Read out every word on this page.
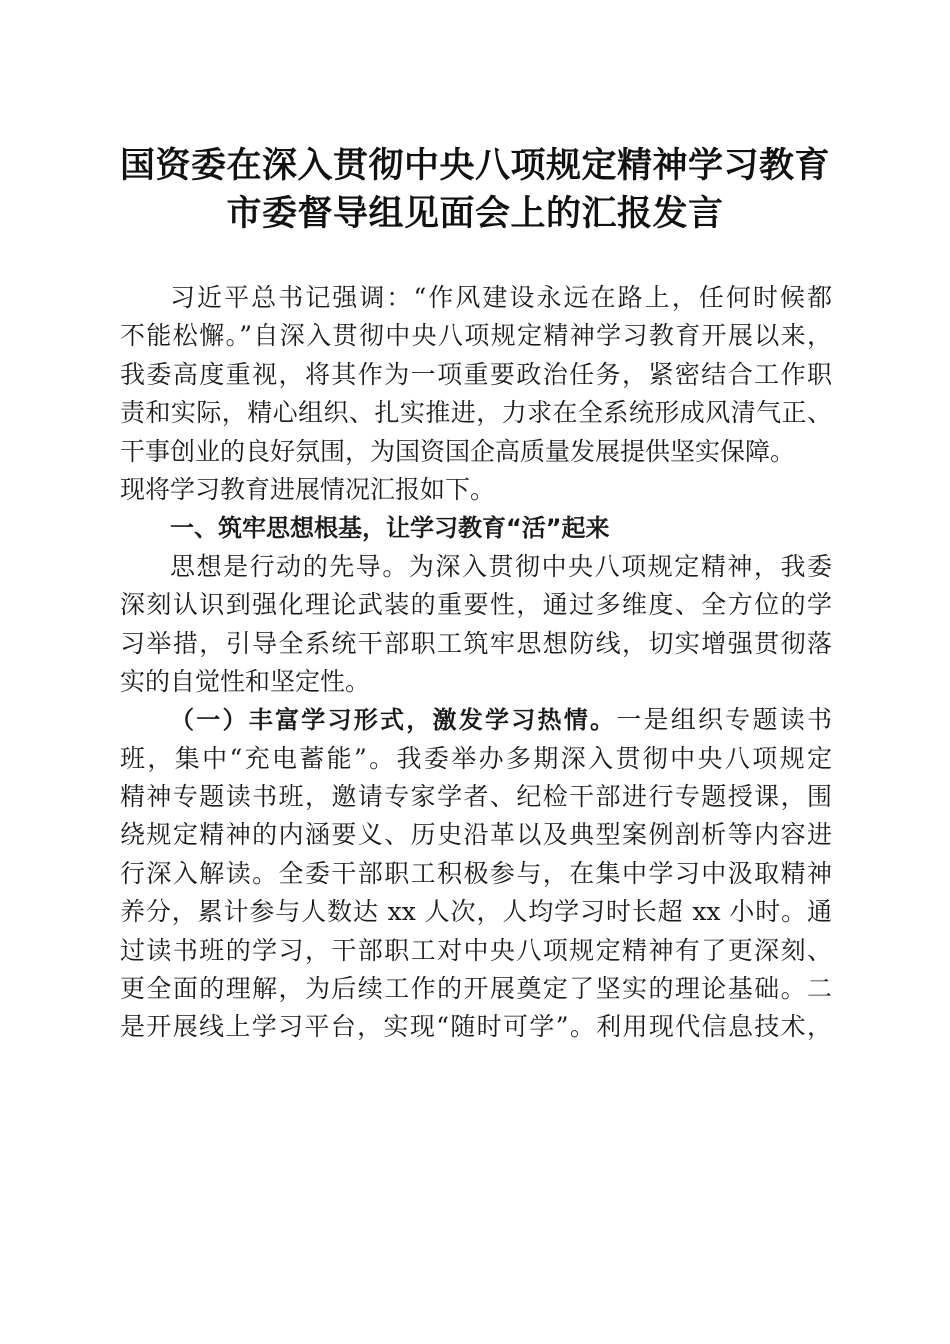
国资委在深入贯彻中央八项规定精神学习教育
市委督导组见面会上的汇报发言
习近平总书记强调：“作风建设永远在路上，任何时候都
不能松懈。”自深入贯彻中央八项规定精神学习教育开展以来，
我委高度重视，将其作为一项重要政治任务，紧密结合工作职
责和实际，精心组织、扎实推进，力求在全系统形成风清气正、
干事创业的良好氛围，为国资国企高质量发展提供坚实保障。
现将学习教育进展情况汇报如下。
一、筑牢思想根基，让学习教育“活”起来
思想是行动的先导。为深入贯彻中央八项规定精神，我委
深刻认识到强化理论武装的重要性，通过多维度、全方位的学
习举措，引导全系统干部职工筑牢思想防线，切实增强贯彻落
实的自觉性和坚定性。
（一）丰富学习形式，激发学习热情。一是组织专题读书
班，集中“充电蓄能”。我委举办多期深入贯彻中央八项规定
精神专题读书班，邀请专家学者、纪检干部进行专题授课，围
绕规定精神的内涵要义、历史沿革以及典型案例剖析等内容进
行深入解读。全委干部职工积极参与，在集中学习中汲取精神
养分，累计参与人数达 xx 人次，人均学习时长超 xx 小时。通
过读书班的学习，干部职工对中央八项规定精神有了更深刻、
更全面的理解，为后续工作的开展奠定了坚实的理论基础。二
是开展线上学习平台，实现“随时可学”。利用现代信息技术，
